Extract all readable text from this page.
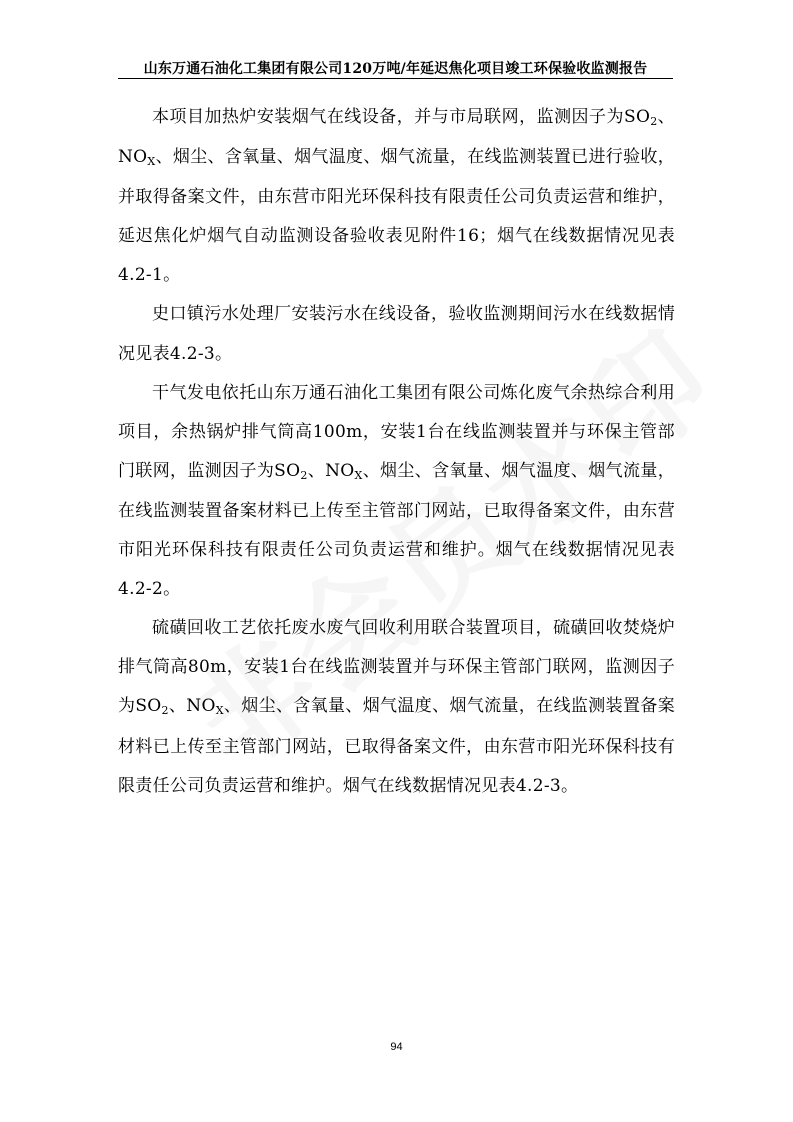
山东万通石油化工集团有限公司120万吨/年延迟焦化项目竣工环保验收监测报告

本项目加热炉安装烟气在线设备，并与市局联网，监测因子为SO2、NOX、烟尘、含氧量、烟气温度、烟气流量，在线监测装置已进行验收，并取得备案文件，由东营市阳光环保科技有限责任公司负责运营和维护，延迟焦化炉烟气自动监测设备验收表见附件16；烟气在线数据情况见表4.2-1。

史口镇污水处理厂安装污水在线设备，验收监测期间污水在线数据情况见表4.2-3。

干气发电依托山东万通石油化工集团有限公司炼化废气余热综合利用项目，余热锅炉排气筒高100m，安装1台在线监测装置并与环保主管部门联网，监测因子为SO2、NOX、烟尘、含氧量、烟气温度、烟气流量，在线监测装置备案材料已上传至主管部门网站，已取得备案文件，由东营市阳光环保科技有限责任公司负责运营和维护。烟气在线数据情况见表4.2-2。

硫磺回收工艺依托废水废气回收利用联合装置项目，硫磺回收焚烧炉排气筒高80m，安装1台在线监测装置并与环保主管部门联网，监测因子为SO2、NOX、烟尘、含氧量、烟气温度、烟气流量，在线监测装置备案材料已上传至主管部门网站，已取得备案文件，由东营市阳光环保科技有限责任公司负责运营和维护。烟气在线数据情况见表4.2-3。

94
